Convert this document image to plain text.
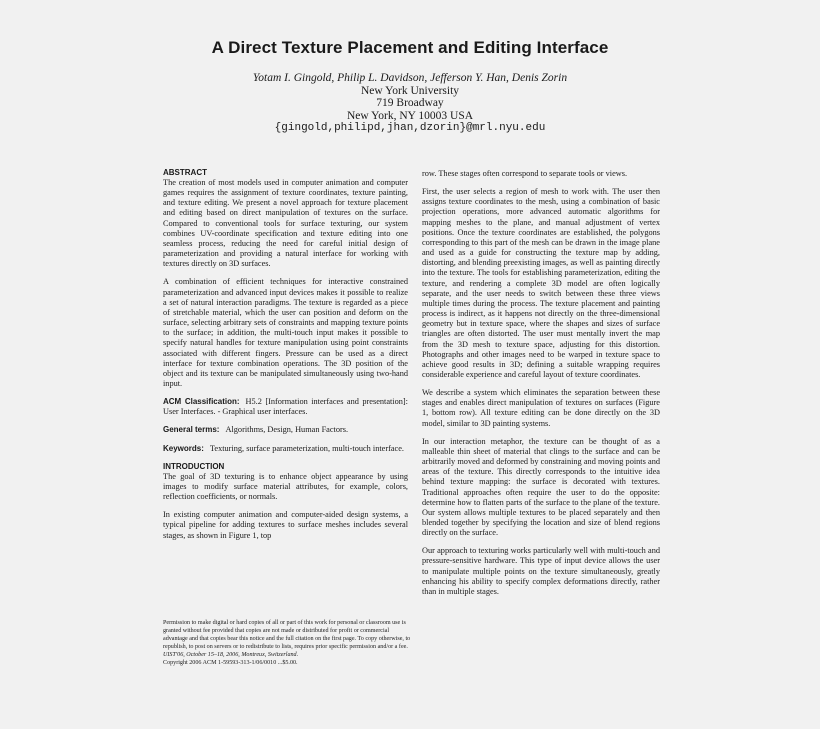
A Direct Texture Placement and Editing Interface
Yotam I. Gingold, Philip L. Davidson, Jefferson Y. Han, Denis Zorin
New York University
719 Broadway
New York, NY 10003 USA
{gingold,philipd,jhan,dzorin}@mrl.nyu.edu
ABSTRACT

The creation of most models used in computer animation and computer games requires the assignment of texture coordinates, texture painting, and texture editing. We present a novel approach for texture placement and editing based on direct manipulation of textures on the surface. Compared to conventional tools for surface texturing, our system combines UV-coordinate specification and texture editing into one seamless process, reducing the need for careful initial design of parameterization and providing a natural interface for working with textures directly on 3D surfaces.

A combination of efficient techniques for interactive constrained parameterization and advanced input devices makes it possible to realize a set of natural interaction paradigms. The texture is regarded as a piece of stretchable material, which the user can position and deform on the surface, selecting arbitrary sets of constraints and mapping texture points to the surface; in addition, the multi-touch input makes it possible to specify natural handles for texture manipulation using point constraints associated with different fingers. Pressure can be used as a direct interface for texture combination operations. The 3D position of the object and its texture can be manipulated simultaneously using two-hand input.

ACM Classification: H5.2 [Information interfaces and presentation]: User Interfaces. - Graphical user interfaces.

General terms: Algorithms, Design, Human Factors.

Keywords: Texturing, surface parameterization, multi-touch interface.

INTRODUCTION

The goal of 3D texturing is to enhance object appearance by using images to modify surface material attributes, for example, colors, reflection coefficients, or normals.

In existing computer animation and computer-aided design systems, a typical pipeline for adding textures to surface meshes includes several stages, as shown in Figure 1, top

Permission to make digital or hard copies of all or part of this work for personal or classroom use is granted without fee provided that copies are not made or distributed for profit or commercial advantage and that copies bear this notice and the full citation on the first page. To copy otherwise, to republish, to post on servers or to redistribute to lists, requires prior specific permission and/or a fee.

UIST'06, October 15–18, 2006, Montreux, Switzerland.

Copyright 2006 ACM 1-59593-313-1/06/0010 ...$5.00.

row. These stages often correspond to separate tools or views.

First, the user selects a region of mesh to work with. The user then assigns texture coordinates to the mesh, using a combination of basic projection operations, more advanced automatic algorithms for mapping meshes to the plane, and manual adjustment of vertex positions. Once the texture coordinates are established, the polygons corresponding to this part of the mesh can be drawn in the image plane and used as a guide for constructing the texture map by adding, distorting, and blending preexisting images, as well as painting directly into the texture. The tools for establishing parameterization, editing the texture, and rendering a complete 3D model are often logically separate, and the user needs to switch between these three views multiple times during the process. The texture placement and painting process is indirect, as it happens not directly on the three-dimensional geometry but in texture space, where the shapes and sizes of surface triangles are often distorted. The user must mentally invert the map from the 3D mesh to texture space, adjusting for this distortion. Photographs and other images need to be warped in texture space to achieve good results in 3D; defining a suitable wrapping requires considerable experience and careful layout of texture coordinates.

We describe a system which eliminates the separation between these stages and enables direct manipulation of textures on surfaces (Figure 1, bottom row). All texture editing can be done directly on the 3D model, similar to 3D painting systems.

In our interaction metaphor, the texture can be thought of as a malleable thin sheet of material that clings to the surface and can be arbitrarily moved and deformed by constraining and moving points and areas of the texture. This directly corresponds to the intuitive idea behind texture mapping: the surface is decorated with textures. Traditional approaches often require the user to do the opposite: determine how to flatten parts of the surface to the plane of the texture. Our system allows multiple textures to be placed separately and then blended together by specifying the location and size of blend regions directly on the surface.

Our approach to texturing works particularly well with multi-touch and pressure-sensitive hardware. This type of input device allows the user to manipulate multiple points on the texture simultaneously, greatly enhancing his ability to specify complex deformations directly, rather than in multiple stages.
